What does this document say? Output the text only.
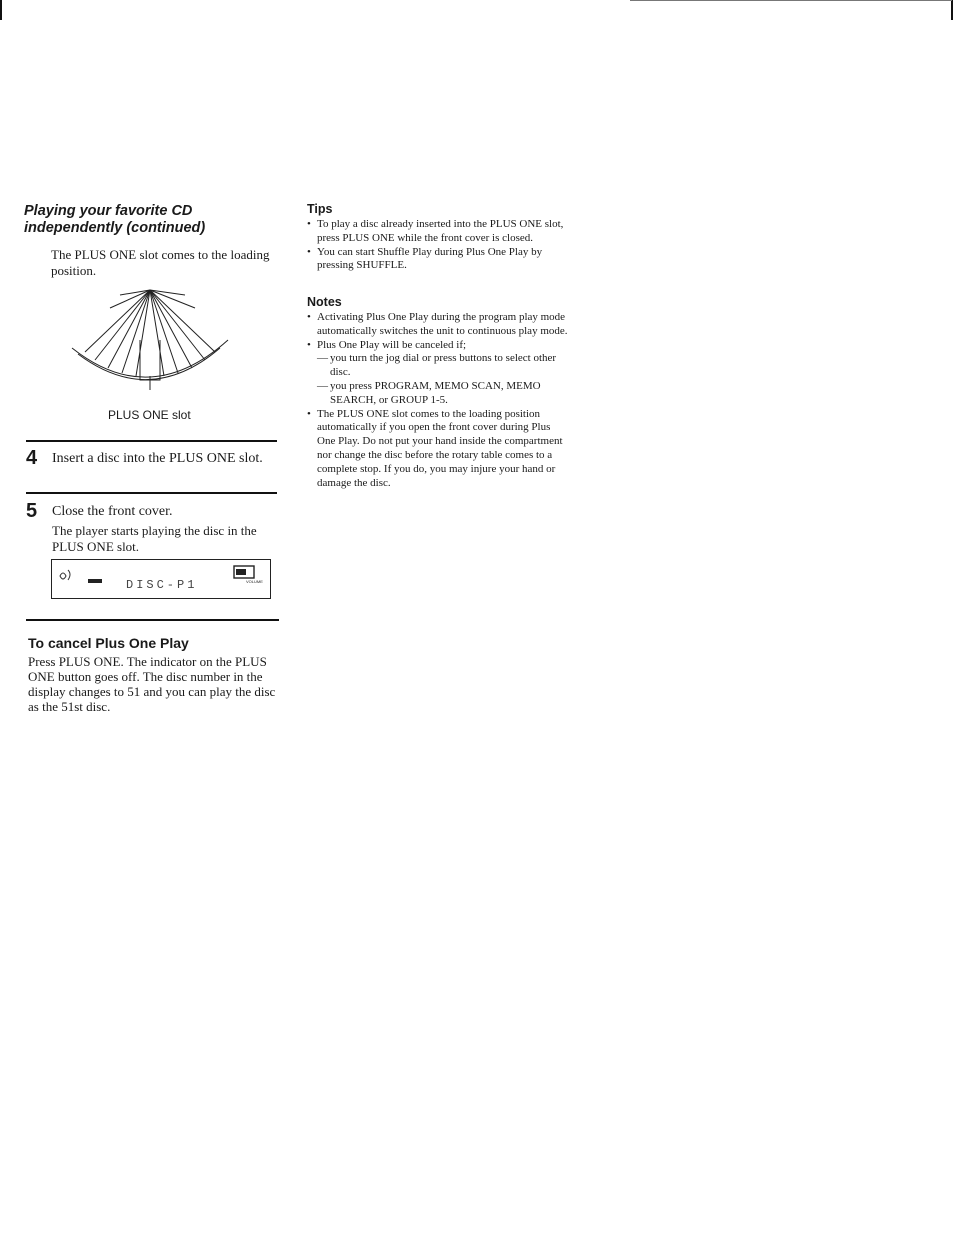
Playing your favorite CD independently (continued)

The PLUS ONE slot comes to the loading position.

PLUS ONE slot

4 Insert a disc into the PLUS ONE slot.
5 Close the front cover.

The player starts playing the disc in the PLUS ONE slot.

DISC-P1	VOLUME
To cancel Plus One Play

Press PLUS ONE. The indicator on the PLUS ONE button goes off. The disc number in the display changes to 51 and you can play the disc as the 51st disc.

Tips
• To play a disc already inserted into the PLUS ONE slot, press PLUS ONE while the front cover is closed.
• You can start Shuffle Play during Plus One Play by pressing SHUFFLE.
Notes
• Activating Plus One Play during the program play mode automatically switches the unit to continuous play mode.
• Plus One Play will be canceled if;
— you turn the jog dial or press buttons to select other disc.
— you press PROGRAM, MEMO SCAN, MEMO SEARCH, or GROUP 1-5.
• The PLUS ONE slot comes to the loading position automatically if you open the front cover during Plus One Play. Do not put your hand inside the compartment nor change the disc before the rotary table comes to a complete stop. If you do, you may injure your hand or damage the disc.
